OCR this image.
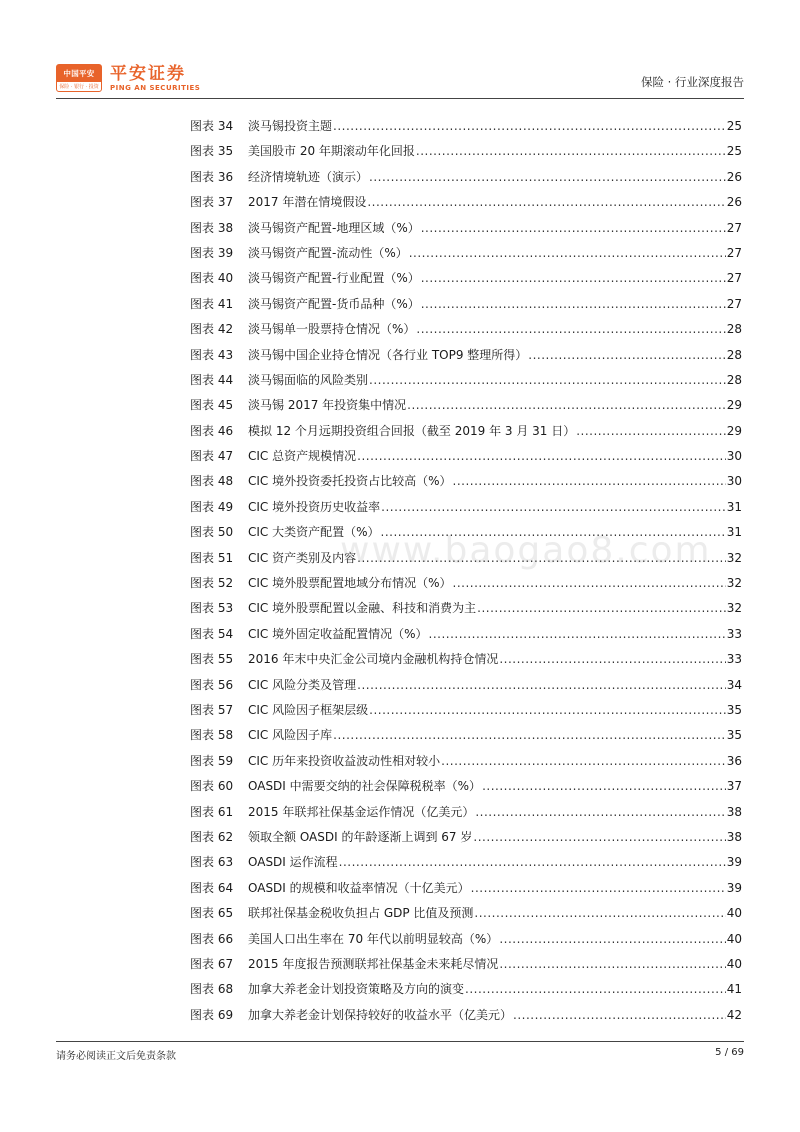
中国平安
保险 · 银行 · 投资
平安证券
PING AN SECURITIES	保险 · 行业深度报告
图表 34	淡马锡投资主题 .....	25
图表 35	美国股市 20 年期滚动年化回报 .....	25
图表 36	经济情境轨迹（演示） .....	26
图表 37	2017 年潜在情境假设 .....	26
图表 38	淡马锡资产配置-地理区域（%） .....	27
图表 39	淡马锡资产配置-流动性（%） .....	27
图表 40	淡马锡资产配置-行业配置（%） .....	27
图表 41	淡马锡资产配置-货币品种（%） .....	27
图表 42	淡马锡单一股票持仓情况（%） .....	28
图表 43	淡马锡中国企业持仓情况（各行业 TOP9 整理所得） .....	28
图表 44	淡马锡面临的风险类别 .....	28
图表 45	淡马锡 2017 年投资集中情况 .....	29
图表 46	模拟 12 个月远期投资组合回报（截至 2019 年 3 月 31 日） .....	29
图表 47	CIC 总资产规模情况 .....	30
图表 48	CIC 境外投资委托投资占比较高（%） .....	30
图表 49	CIC 境外投资历史收益率 .....	31
图表 50	CIC 大类资产配置（%） .....	31
图表 51	CIC 资产类别及内容 .....	32
图表 52	CIC 境外股票配置地域分布情况（%） .....	32
图表 53	CIC 境外股票配置以金融、科技和消费为主 .....	32
图表 54	CIC 境外固定收益配置情况（%） .....	33
图表 55	2016 年末中央汇金公司境内金融机构持仓情况 .....	33
图表 56	CIC 风险分类及管理 .....	34
图表 57	CIC 风险因子框架层级 .....	35
图表 58	CIC 风险因子库 .....	35
图表 59	CIC 历年来投资收益波动性相对较小 .....	36
图表 60	OASDI 中需要交纳的社会保障税税率（%） .....	37
图表 61	2015 年联邦社保基金运作情况（亿美元） .....	38
图表 62	领取全额 OASDI 的年龄逐渐上调到 67 岁 .....	38
图表 63	OASDI 运作流程 .....	39
图表 64	OASDI 的规模和收益率情况（十亿美元） .....	39
图表 65	联邦社保基金税收负担占 GDP 比值及预测 .....	40
图表 66	美国人口出生率在 70 年代以前明显较高（%） .....	40
图表 67	2015 年度报告预测联邦社保基金未来耗尽情况 .....	40
图表 68	加拿大养老金计划投资策略及方向的演变 .....	41
图表 69	加拿大养老金计划保持较好的收益水平（亿美元） .....	42
www.baogao8.com
请务必阅读正文后免责条款	5 / 69
